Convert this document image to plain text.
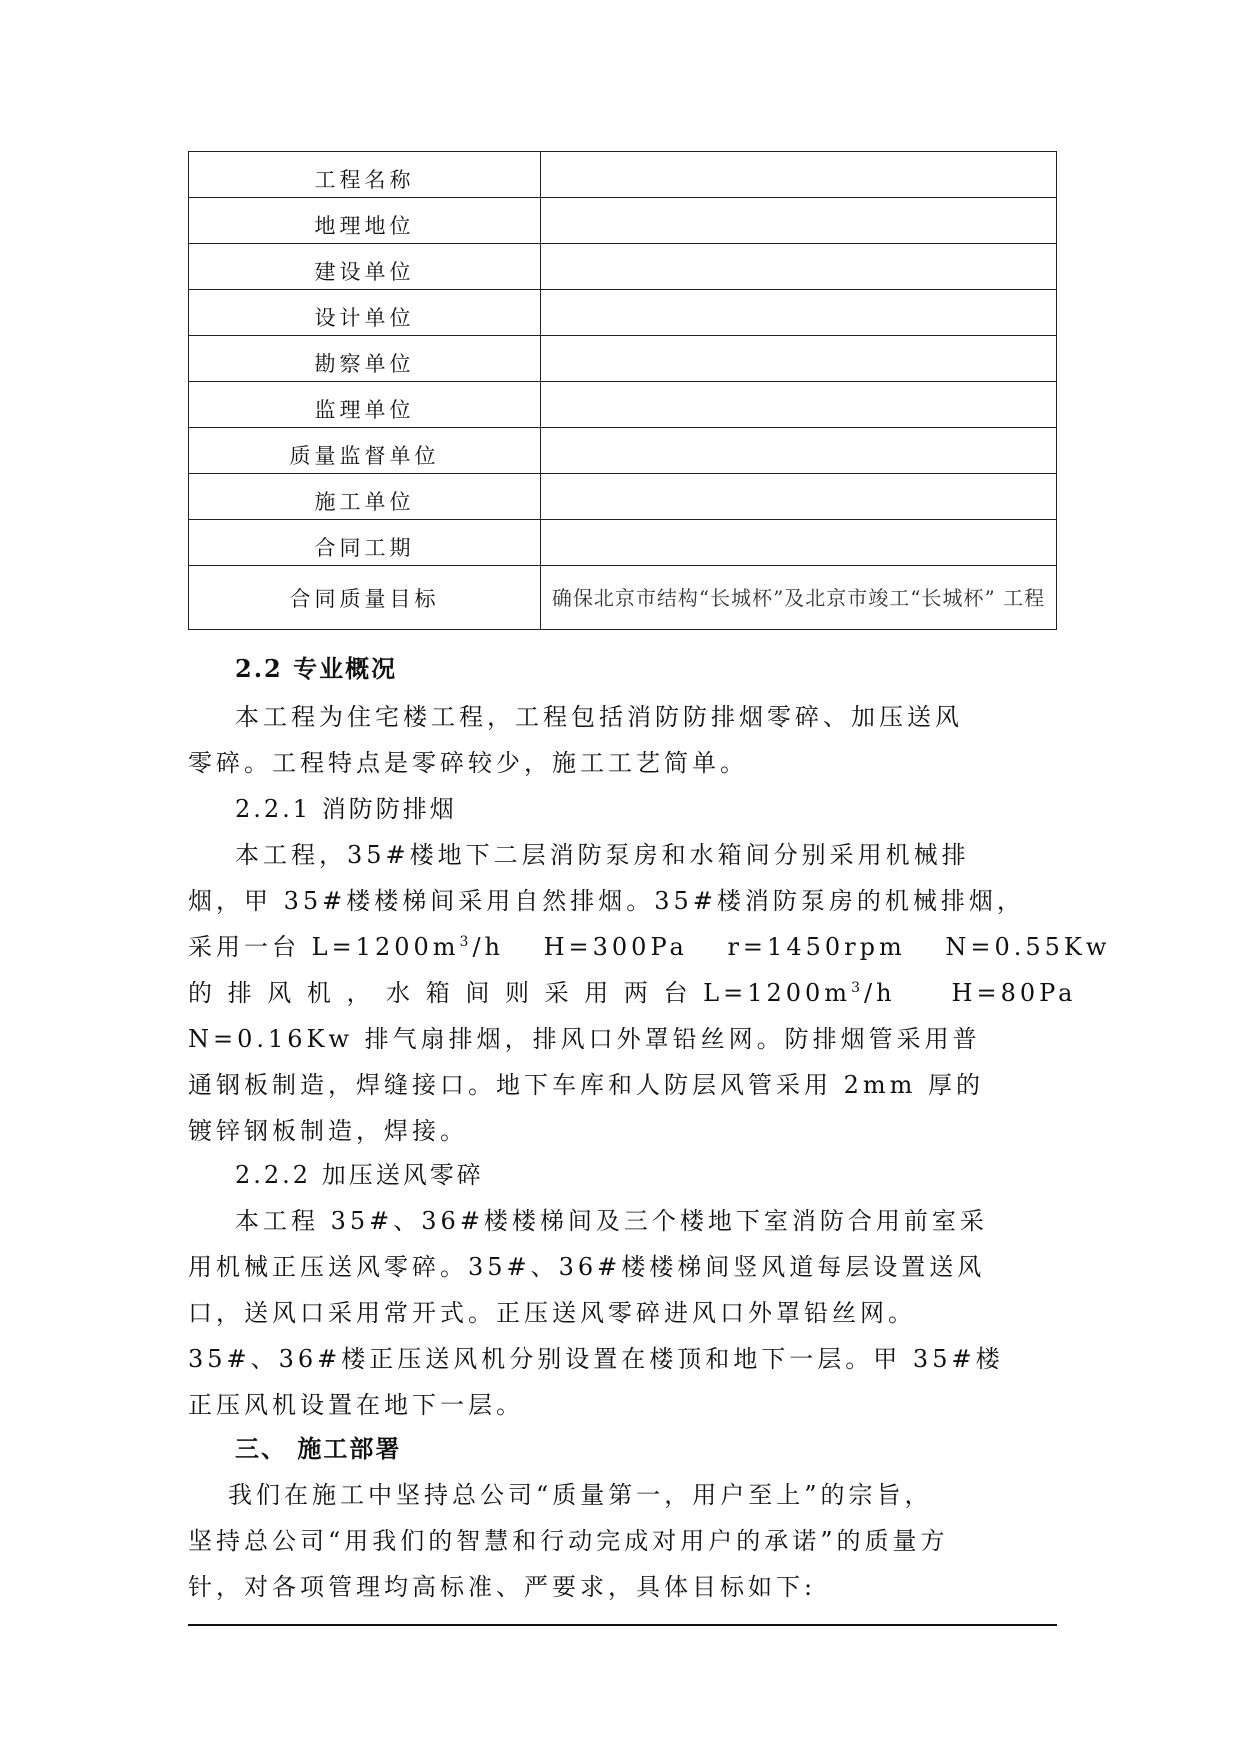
工程名称	
地理地位	
建设单位	
设计单位	
勘察单位	
监理单位	
质量监督单位	
施工单位	
合同工期	
合同质量目标	确保北京市结构“长城杯”及北京市竣工“长城杯” 工程
2.2 专业概况
本工程为住宅楼工程，工程包括消防防排烟零碎、加压送风
零碎。工程特点是零碎较少，施工工艺简单。
2.2.1 消防防排烟
本工程，35#楼地下二层消防泵房和水箱间分别采用机械排
烟，甲 35#楼楼梯间采用自然排烟。35#楼消防泵房的机械排烟，
采用一台 $L=1200m^3/h$　 H=300Pa　 r=1450rpm　 N=0.55Kw
的 排 风 机 ， 水 箱 间 则 采 用 两 台 $L=1200m^3/h$　　H=80Pa
N=0.16Kw 排气扇排烟，排风口外罩铅丝网。防排烟管采用普
通钢板制造，焊缝接口。地下车库和人防层风管采用 2mm 厚的
镀锌钢板制造，焊接。
2.2.2 加压送风零碎
本工程 35#、36#楼楼梯间及三个楼地下室消防合用前室采
用机械正压送风零碎。35#、36#楼楼梯间竖风道每层设置送风
口，送风口采用常开式。正压送风零碎进风口外罩铅丝网。
35#、36#楼正压送风机分别设置在楼顶和地下一层。甲 35#楼
正压风机设置在地下一层。
三、 施工部署
我们在施工中坚持总公司“质量第一，用户至上”的宗旨，
坚持总公司“用我们的智慧和行动完成对用户的承诺”的质量方
针，对各项管理均高标准、严要求，具体目标如下:
